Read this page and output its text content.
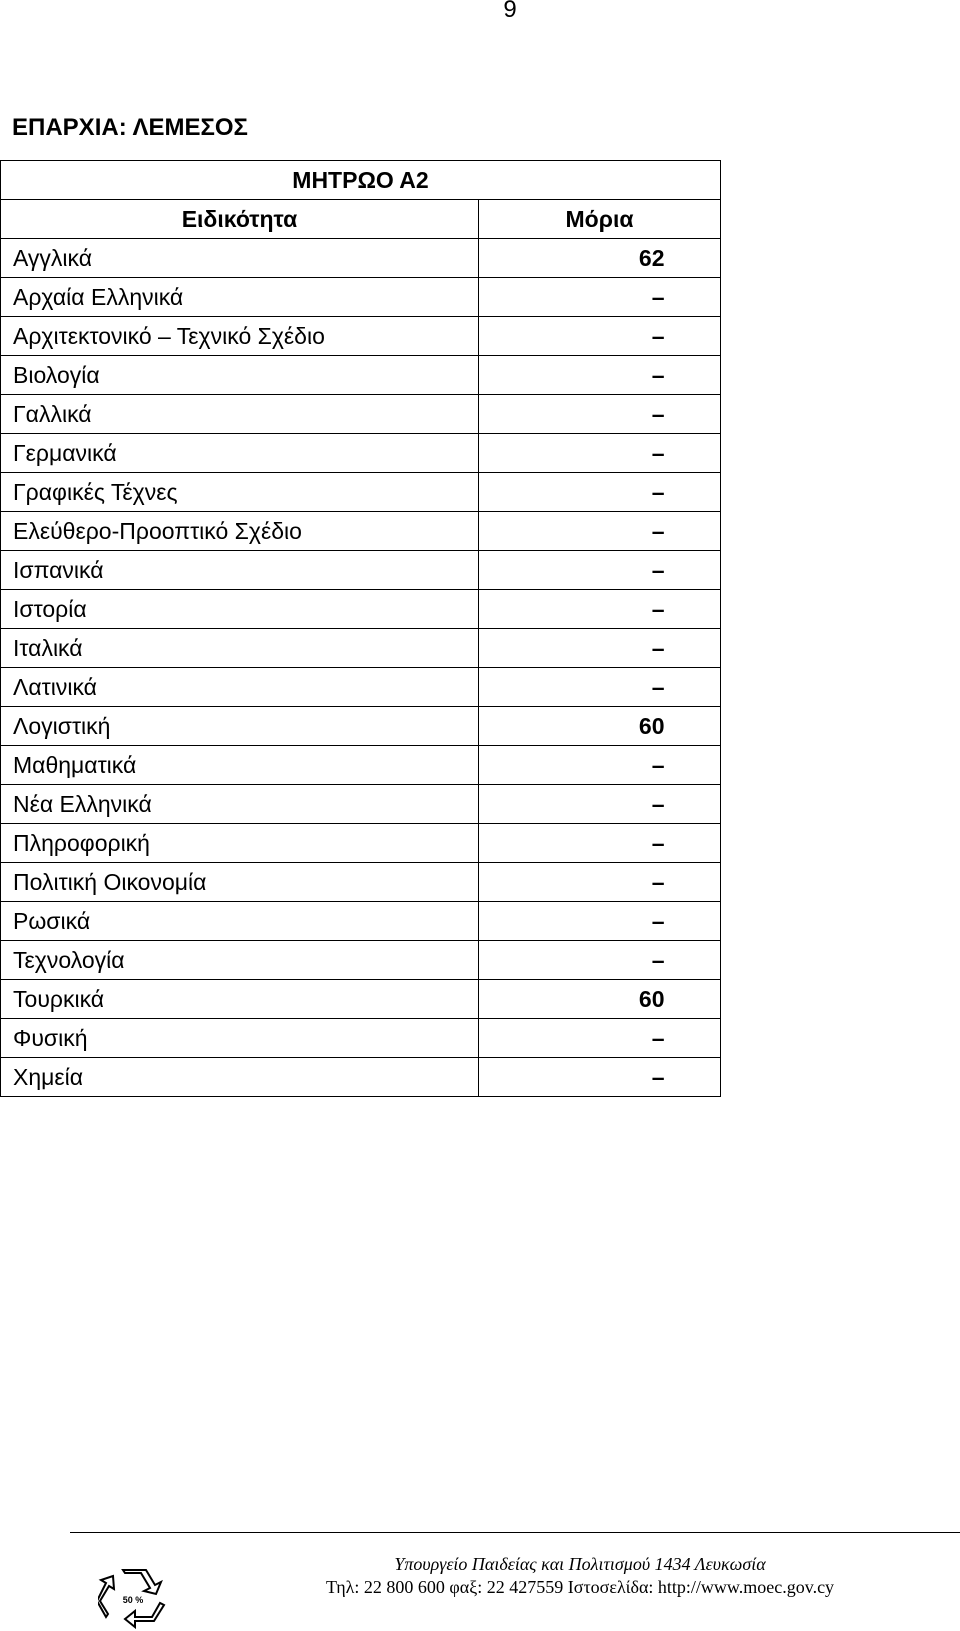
9
ΕΠΑΡΧΙΑ: ΛΕΜΕΣΟΣ
ΜΗΤΡΩΟ Α2	
Ειδικότητα	Μόρια
Αγγλικά	62
Αρχαία Ελληνικά	–
Αρχιτεκτονικό – Τεχνικό Σχέδιο	–
Βιολογία	–
Γαλλικά	–
Γερμανικά	–
Γραφικές Τέχνες	–
Ελεύθερο-Προοπτικό Σχέδιο	–
Ισπανικά	–
Ιστορία	–
Ιταλικά	–
Λατινικά	–
Λογιστική	60
Μαθηματικά	–
Νέα Ελληνικά	–
Πληροφορική	–
Πολιτική Οικονομία	–
Ρωσικά	–
Τεχνολογία	–
Τουρκικά	60
Φυσική	–
Χημεία	–
50 %
Υπουργείο Παιδείας και Πολιτισμού 1434 Λευκωσία
Τηλ: 22 800 600 φαξ: 22 427559 Ιστοσελίδα: http://www.moec.gov.cy
